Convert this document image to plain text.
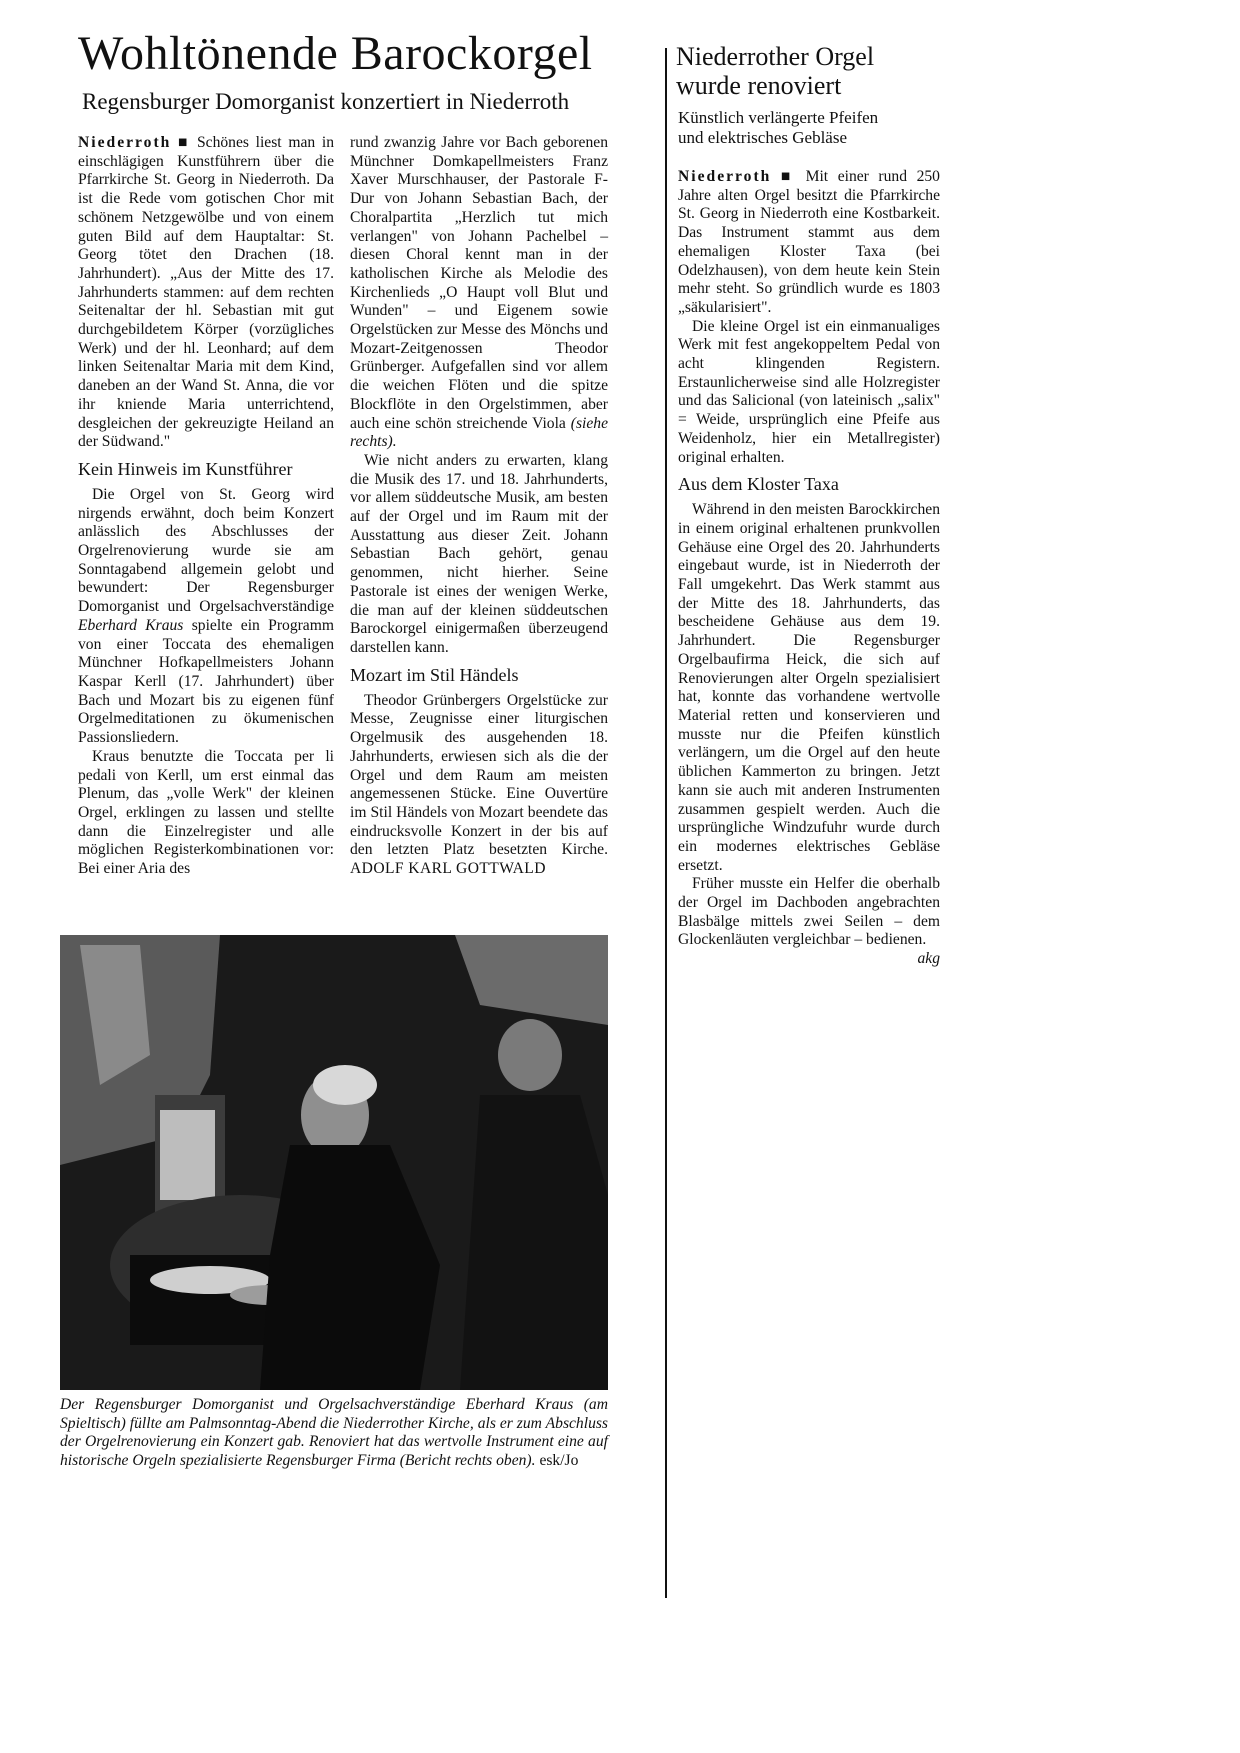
Wohltönende Barockorgel
Regensburger Domorganist konzertiert in Niederroth

Niederroth ■ Schönes liest man in einschlägigen Kunstführern über die Pfarrkirche St. Georg in Niederroth. Da ist die Rede vom gotischen Chor mit schönem Netzgewölbe und von einem guten Bild auf dem Hauptaltar: St. Georg tötet den Drachen (18. Jahrhundert). „Aus der Mitte des 17. Jahrhunderts stammen: auf dem rechten Seitenaltar der hl. Sebastian mit gut durchgebildetem Körper (vorzügliches Werk) und der hl. Leonhard; auf dem linken Seitenaltar Maria mit dem Kind, daneben an der Wand St. Anna, die vor ihr kniende Maria unterrichtend, desgleichen der gekreuzigte Heiland an der Südwand."

Kein Hinweis im Kunstführer

Die Orgel von St. Georg wird nirgends erwähnt, doch beim Konzert anlässlich des Abschlusses der Orgelrenovierung wurde sie am Sonntagabend allgemein gelobt und bewundert: Der Regensburger Domorganist und Orgelsachverständige Eberhard Kraus spielte ein Programm von einer Toccata des ehemaligen Münchner Hofkapellmeisters Johann Kaspar Kerll (17. Jahrhundert) über Bach und Mozart bis zu eigenen fünf Orgelmeditationen zu ökumenischen Passionsliedern.

Kraus benutzte die Toccata per li pedali von Kerll, um erst einmal das Plenum, das „volle Werk" der kleinen Orgel, erklingen zu lassen und stellte dann die Einzelregister und alle möglichen Registerkombinationen vor: Bei einer Aria des

rund zwanzig Jahre vor Bach geborenen Münchner Domkapellmeisters Franz Xaver Murschhauser, der Pastorale F-Dur von Johann Sebastian Bach, der Choralpartita „Herzlich tut mich verlangen" von Johann Pachelbel – diesen Choral kennt man in der katholischen Kirche als Melodie des Kirchenlieds „O Haupt voll Blut und Wunden" – und Eigenem sowie Orgelstücken zur Messe des Mönchs und Mozart-Zeitgenossen Theodor Grünberger. Aufgefallen sind vor allem die weichen Flöten und die spitze Blockflöte in den Orgelstimmen, aber auch eine schön streichende Viola (siehe rechts).

Wie nicht anders zu erwarten, klang die Musik des 17. und 18. Jahrhunderts, vor allem süddeutsche Musik, am besten auf der Orgel und im Raum mit der Ausstattung aus dieser Zeit. Johann Sebastian Bach gehört, genau genommen, nicht hierher. Seine Pastorale ist eines der wenigen Werke, die man auf der kleinen süddeutschen Barockorgel einigermaßen überzeugend darstellen kann.

Mozart im Stil Händels

Theodor Grünbergers Orgelstücke zur Messe, Zeugnisse einer liturgischen Orgelmusik des ausgehenden 18. Jahrhunderts, erwiesen sich als die der Orgel und dem Raum am meisten angemessenen Stücke. Eine Ouvertüre im Stil Händels von Mozart beendete das eindrucksvolle Konzert in der bis auf den letzten Platz besetzten Kirche. ADOLF KARL GOTTWALD

Der Regensburger Domorganist und Orgelsachverständige Eberhard Kraus (am Spieltisch) füllte am Palmsonntag-Abend die Niederrother Kirche, als er zum Abschluss der Orgelrenovierung ein Konzert gab. Renoviert hat das wertvolle Instrument eine auf historische Orgeln spezialisierte Regensburger Firma (Bericht rechts oben). esk/Jo
Niederrother Orgel
wurde renoviert
Künstlich verlängerte Pfeifen
und elektrisches Gebläse

Niederroth ■ Mit einer rund 250 Jahre alten Orgel besitzt die Pfarrkirche St. Georg in Niederroth eine Kostbarkeit. Das Instrument stammt aus dem ehemaligen Kloster Taxa (bei Odelzhausen), von dem heute kein Stein mehr steht. So gründlich wurde es 1803 „säkularisiert".

Die kleine Orgel ist ein einmanualiges Werk mit fest angekoppeltem Pedal von acht klingenden Registern. Erstaunlicherweise sind alle Holzregister und das Salicional (von lateinisch „salix" = Weide, ursprünglich eine Pfeife aus Weidenholz, hier ein Metallregister) original erhalten.

Aus dem Kloster Taxa

Während in den meisten Barockkirchen in einem original erhaltenen prunkvollen Gehäuse eine Orgel des 20. Jahrhunderts eingebaut wurde, ist in Niederroth der Fall umgekehrt. Das Werk stammt aus der Mitte des 18. Jahrhunderts, das bescheidene Gehäuse aus dem 19. Jahrhundert. Die Regensburger Orgelbaufirma Heick, die sich auf Renovierungen alter Orgeln spezialisiert hat, konnte das vorhandene wertvolle Material retten und konservieren und musste nur die Pfeifen künstlich verlängern, um die Orgel auf den heute üblichen Kammerton zu bringen. Jetzt kann sie auch mit anderen Instrumenten zusammen gespielt werden. Auch die ursprüngliche Windzufuhr wurde durch ein modernes elektrisches Gebläse ersetzt.

Früher musste ein Helfer die oberhalb der Orgel im Dachboden angebrachten Blasbälge mittels zwei Seilen – dem Glockenläuten vergleichbar – bedienen.
akg
